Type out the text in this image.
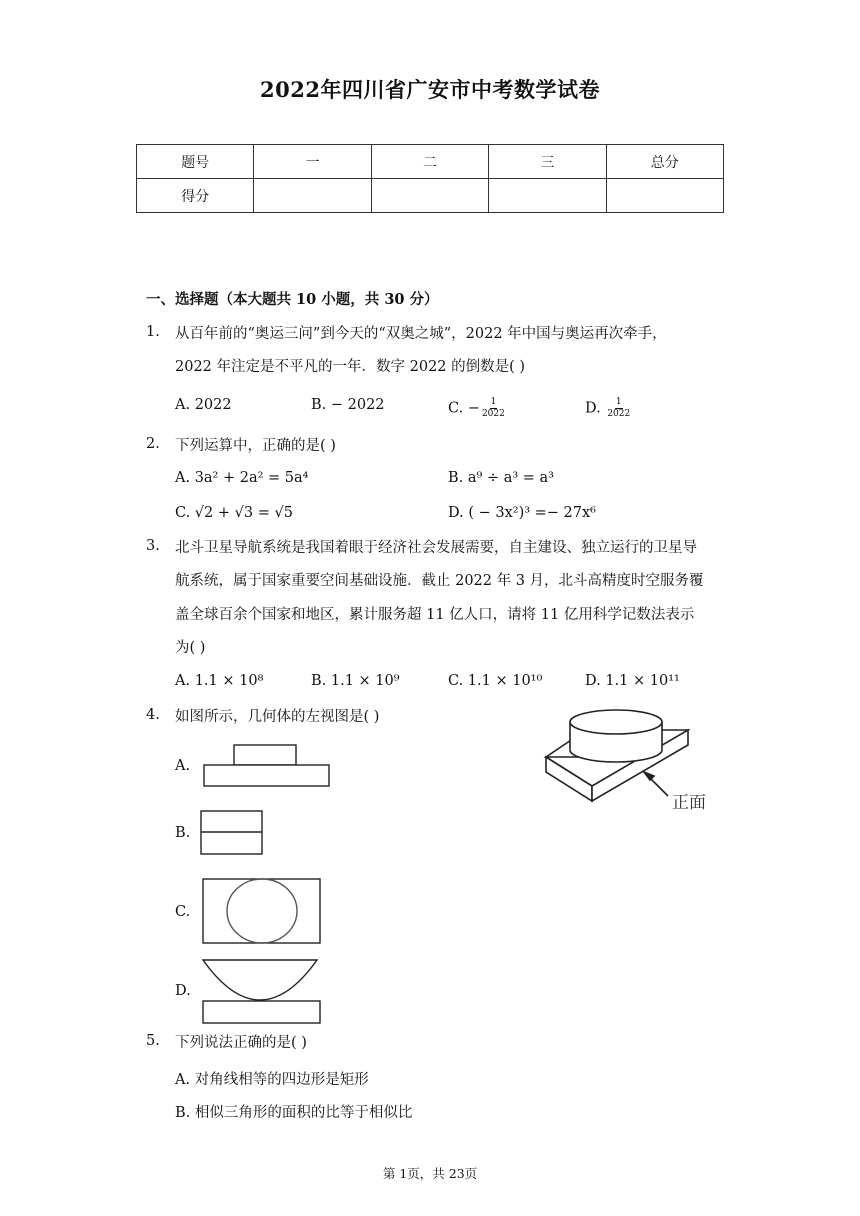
2022年四川省广安市中考数学试卷
题号	一	二	三	总分
得分				
一、选择题（本大题共 10 小题，共 30 分）
1. 从百年前的“奥运三问”到今天的“双奥之城”，2022 年中国与奥运再次牵手，
2022 年注定是不平凡的一年．数字 2022 的倒数是( )
A. 2022	B. − 2022	C. − $\frac{1}{2022}$	D. $\frac{1}{2022}$
2. 下列运算中，正确的是( )
A. 3a² + 2a² = 5a⁴	B. a⁹ ÷ a³ = a³
C. √2 + √3 = √5	D. ( − 3x²)³ =− 27x⁶
3. 北斗卫星导航系统是我国着眼于经济社会发展需要，自主建设、独立运行的卫星导
航系统，属于国家重要空间基础设施．截止 2022 年 3 月，北斗高精度时空服务覆
盖全球百余个国家和地区，累计服务超 11 亿人口，请将 11 亿用科学记数法表示
为( )
A. 1.1 × 10⁸	B. 1.1 × 10⁹	C. 1.1 × 10¹⁰	D. 1.1 × 10¹¹
4. 如图所示，几何体的左视图是( )
正面
A.
B.
C.
D.
5. 下列说法正确的是( )
A. 对角线相等的四边形是矩形
B. 相似三角形的面积的比等于相似比
第 1页，共 23页
